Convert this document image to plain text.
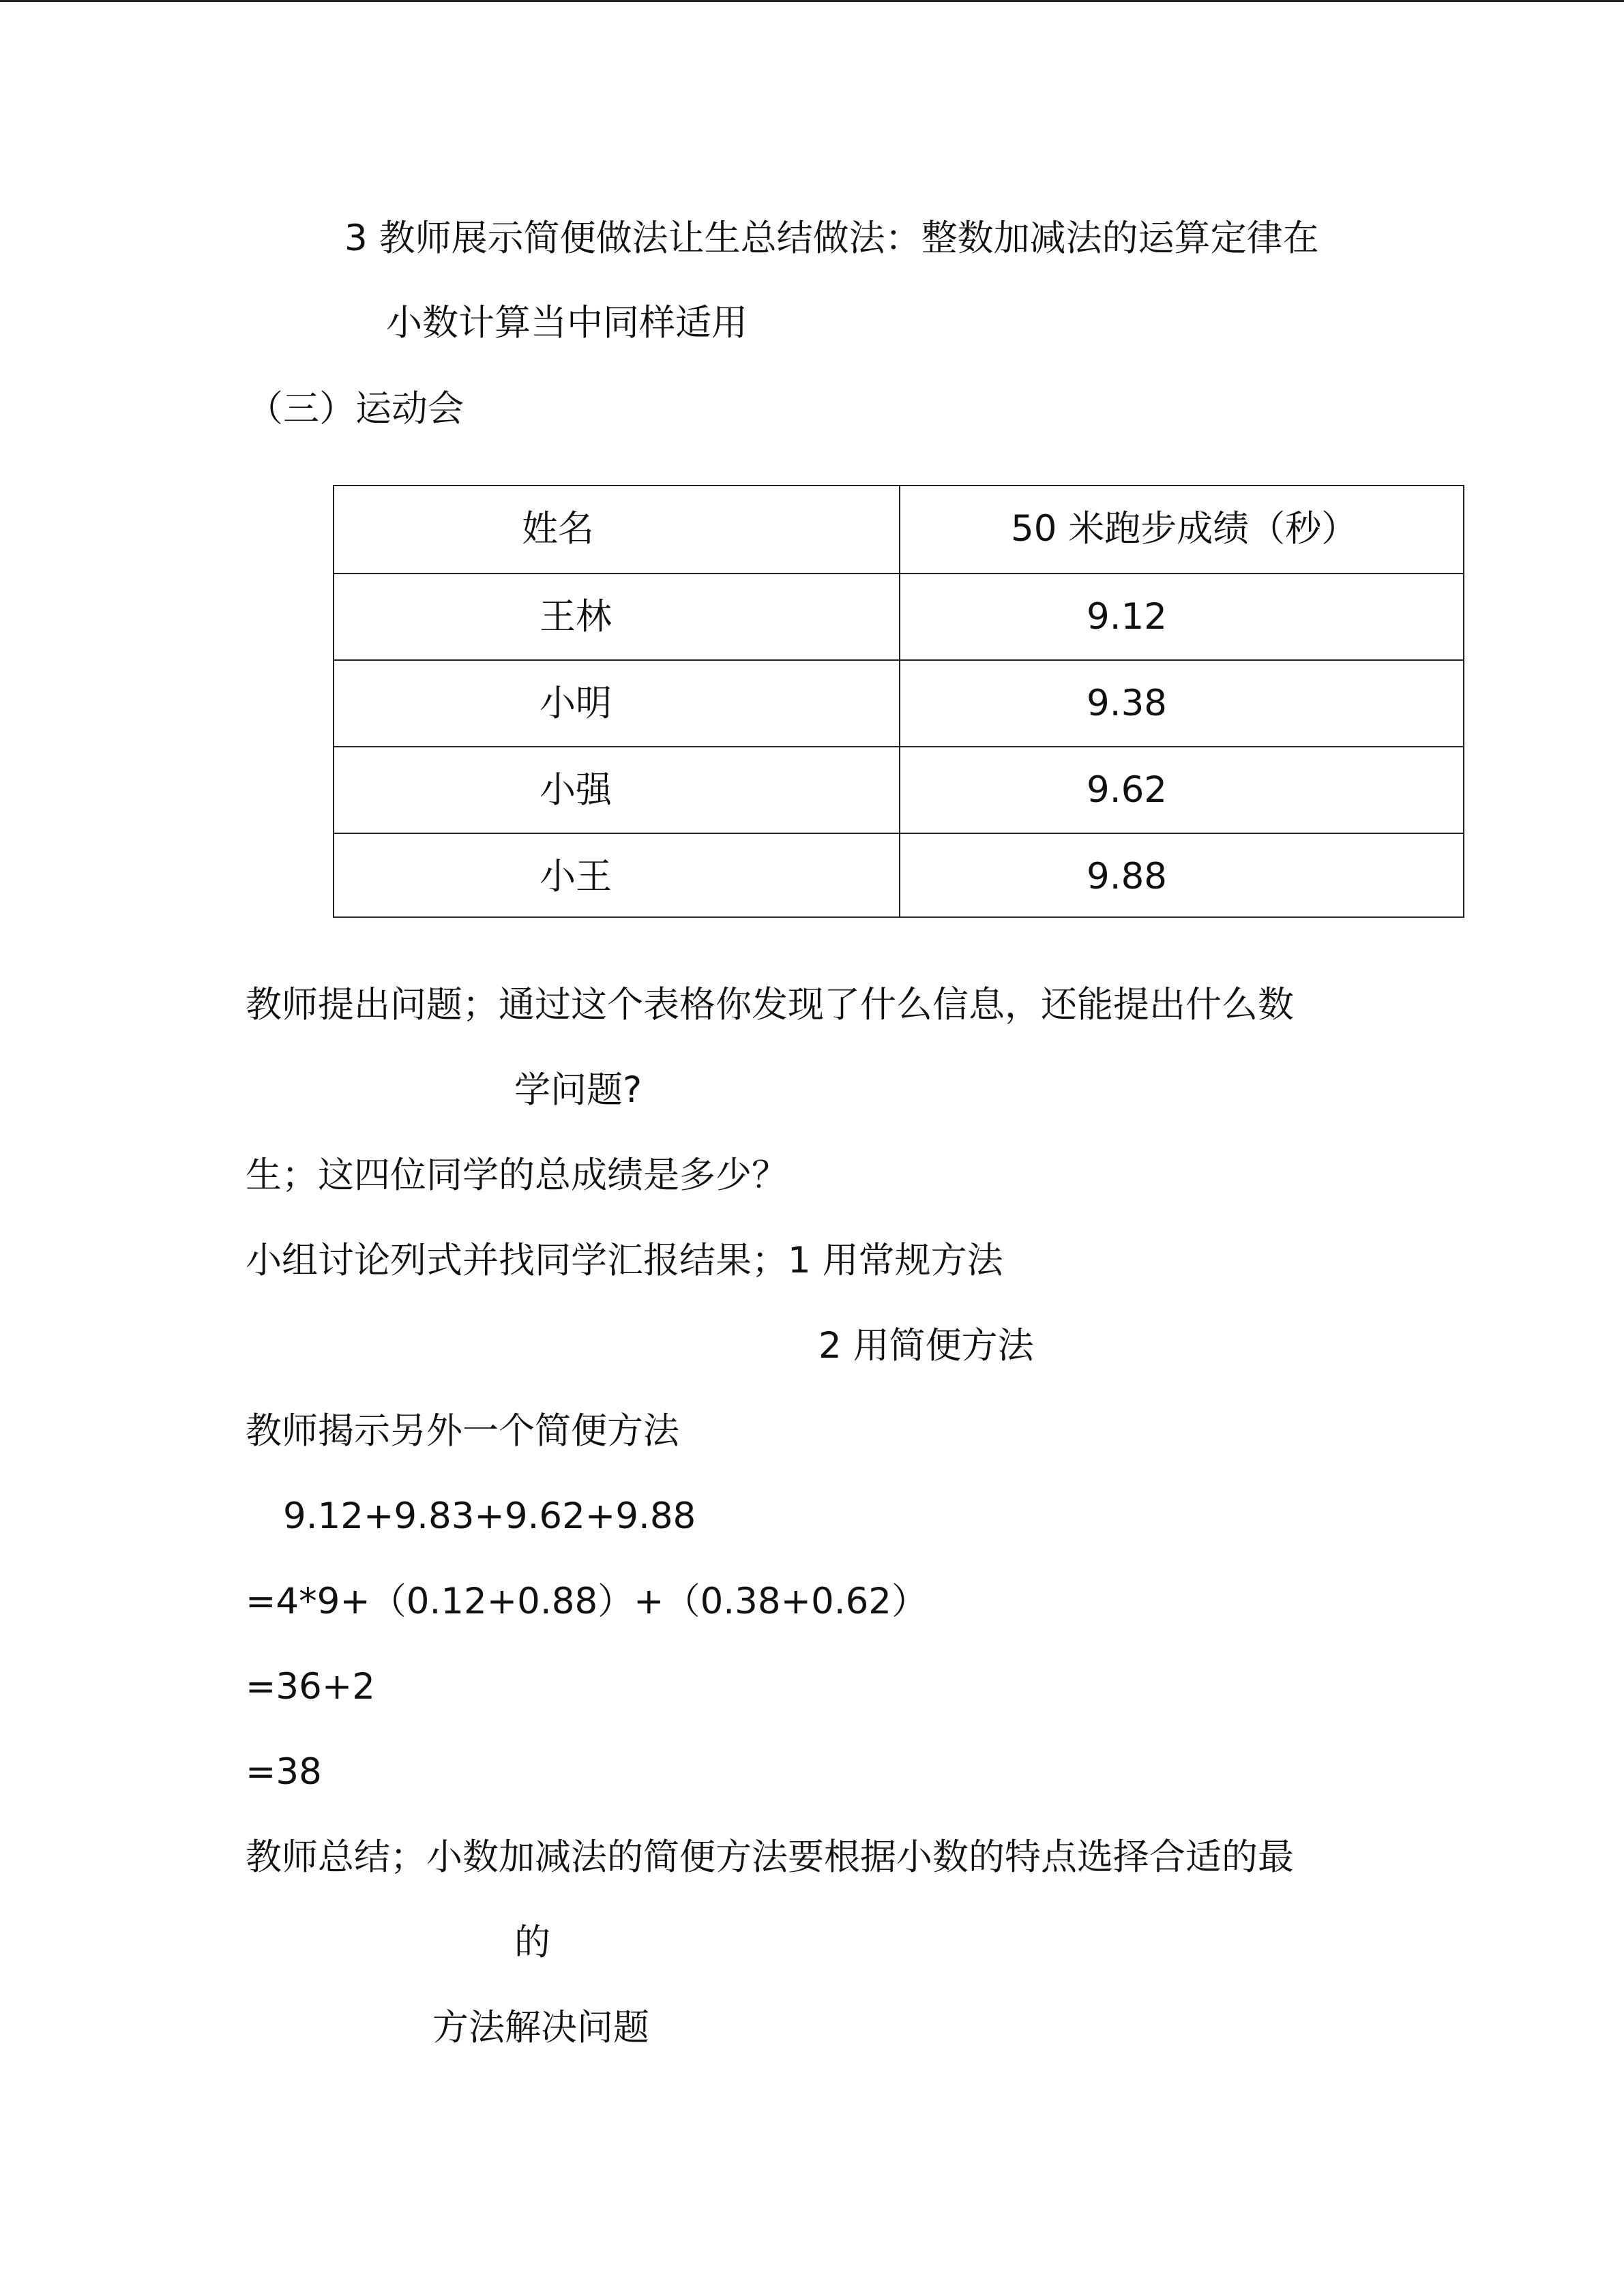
3 教师展示简便做法让生总结做法：整数加减法的运算定律在
小数计算当中同样适用
（三）运动会
姓名	50 米跑步成绩（秒）
王林	9.12
小明	9.38
小强	9.62
小王	9.88
教师提出问题；通过这个表格你发现了什么信息，还能提出什么数
学问题?
生；这四位同学的总成绩是多少？
小组讨论列式并找同学汇报结果；1 用常规方法
2 用简便方法
教师揭示另外一个简便方法
9.12+9.83+9.62+9.88
=4*9+（0.12+0.88）+（0.38+0.62）
=36+2
=38
教师总结；小数加减法的简便方法要根据小数的特点选择合适的最
的
方法解决问题
